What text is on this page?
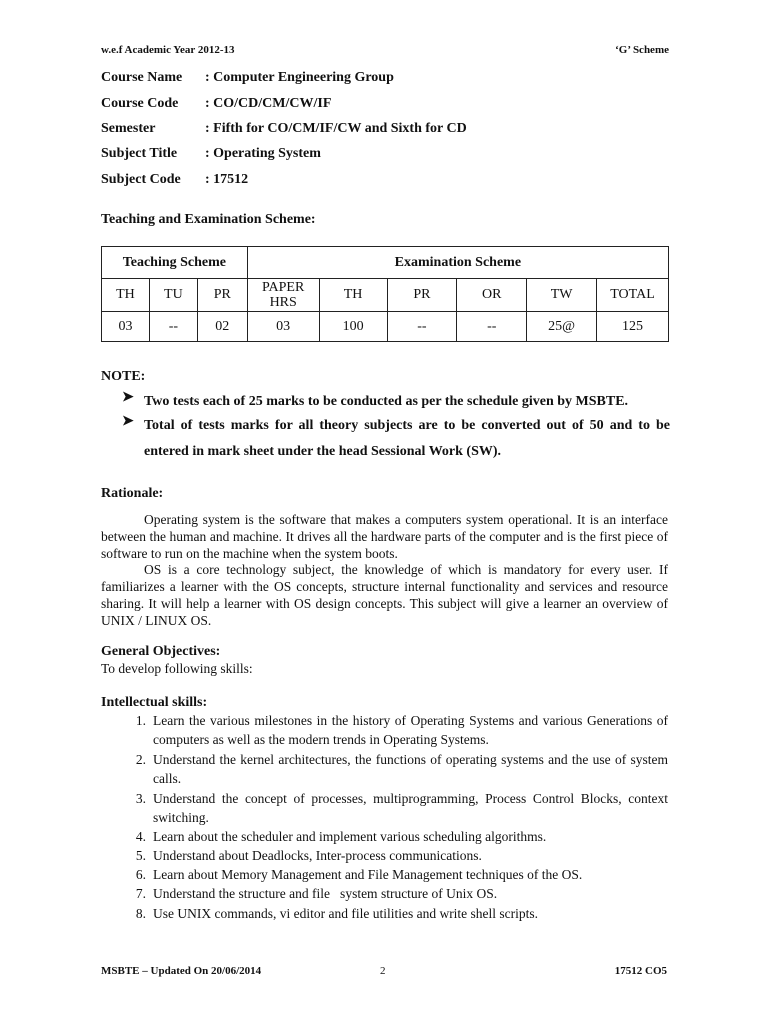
w.e.f Academic Year 2012-13	‘G’ Scheme
Course Name : Computer Engineering Group
Course Code : CO/CD/CM/CW/IF
Semester	: Fifth for CO/CM/IF/CW and Sixth for CD
Subject Title : Operating System
Subject Code : 17512
Teaching and Examination Scheme:
Teaching Scheme			Examination Scheme					
TH	TU	PR	PAPER HRS	TH	PR	OR	TW	TOTAL
03	--	02	03	100	--	--	25@	125
NOTE:
➤ Two tests each of 25 marks to be conducted as per the schedule given by MSBTE.
➤ Total of tests marks for all theory subjects are to be converted out of 50 and to be entered in mark sheet under the head Sessional Work (SW).
Rationale:
Operating system is the software that makes a computers system operational. It is an interface between the human and machine. It drives all the hardware parts of the computer and is the first piece of software to run on the machine when the system boots.
OS is a core technology subject, the knowledge of which is mandatory for every user. If familiarizes a learner with the OS concepts, structure internal functionality and services and resource sharing. It will help a learner with OS design concepts. This subject will give a learner an overview of UNIX / LINUX OS.
General Objectives:
To develop following skills:
Intellectual skills:
1. Learn the various milestones in the history of Operating Systems and various Generations of computers as well as the modern trends in Operating Systems.
2. Understand the kernel architectures, the functions of operating systems and the use of system calls.
3. Understand the concept of processes, multiprogramming, Process Control Blocks, context switching.
4. Learn about the scheduler and implement various scheduling algorithms.
5. Understand about Deadlocks, Inter-process communications.
6. Learn about Memory Management and File Management techniques of the OS.
7. Understand the structure and file   system structure of Unix OS.
8. Use UNIX commands, vi editor and file utilities and write shell scripts.
MSBTE – Updated On 20/06/2014	2	17512 CO5
